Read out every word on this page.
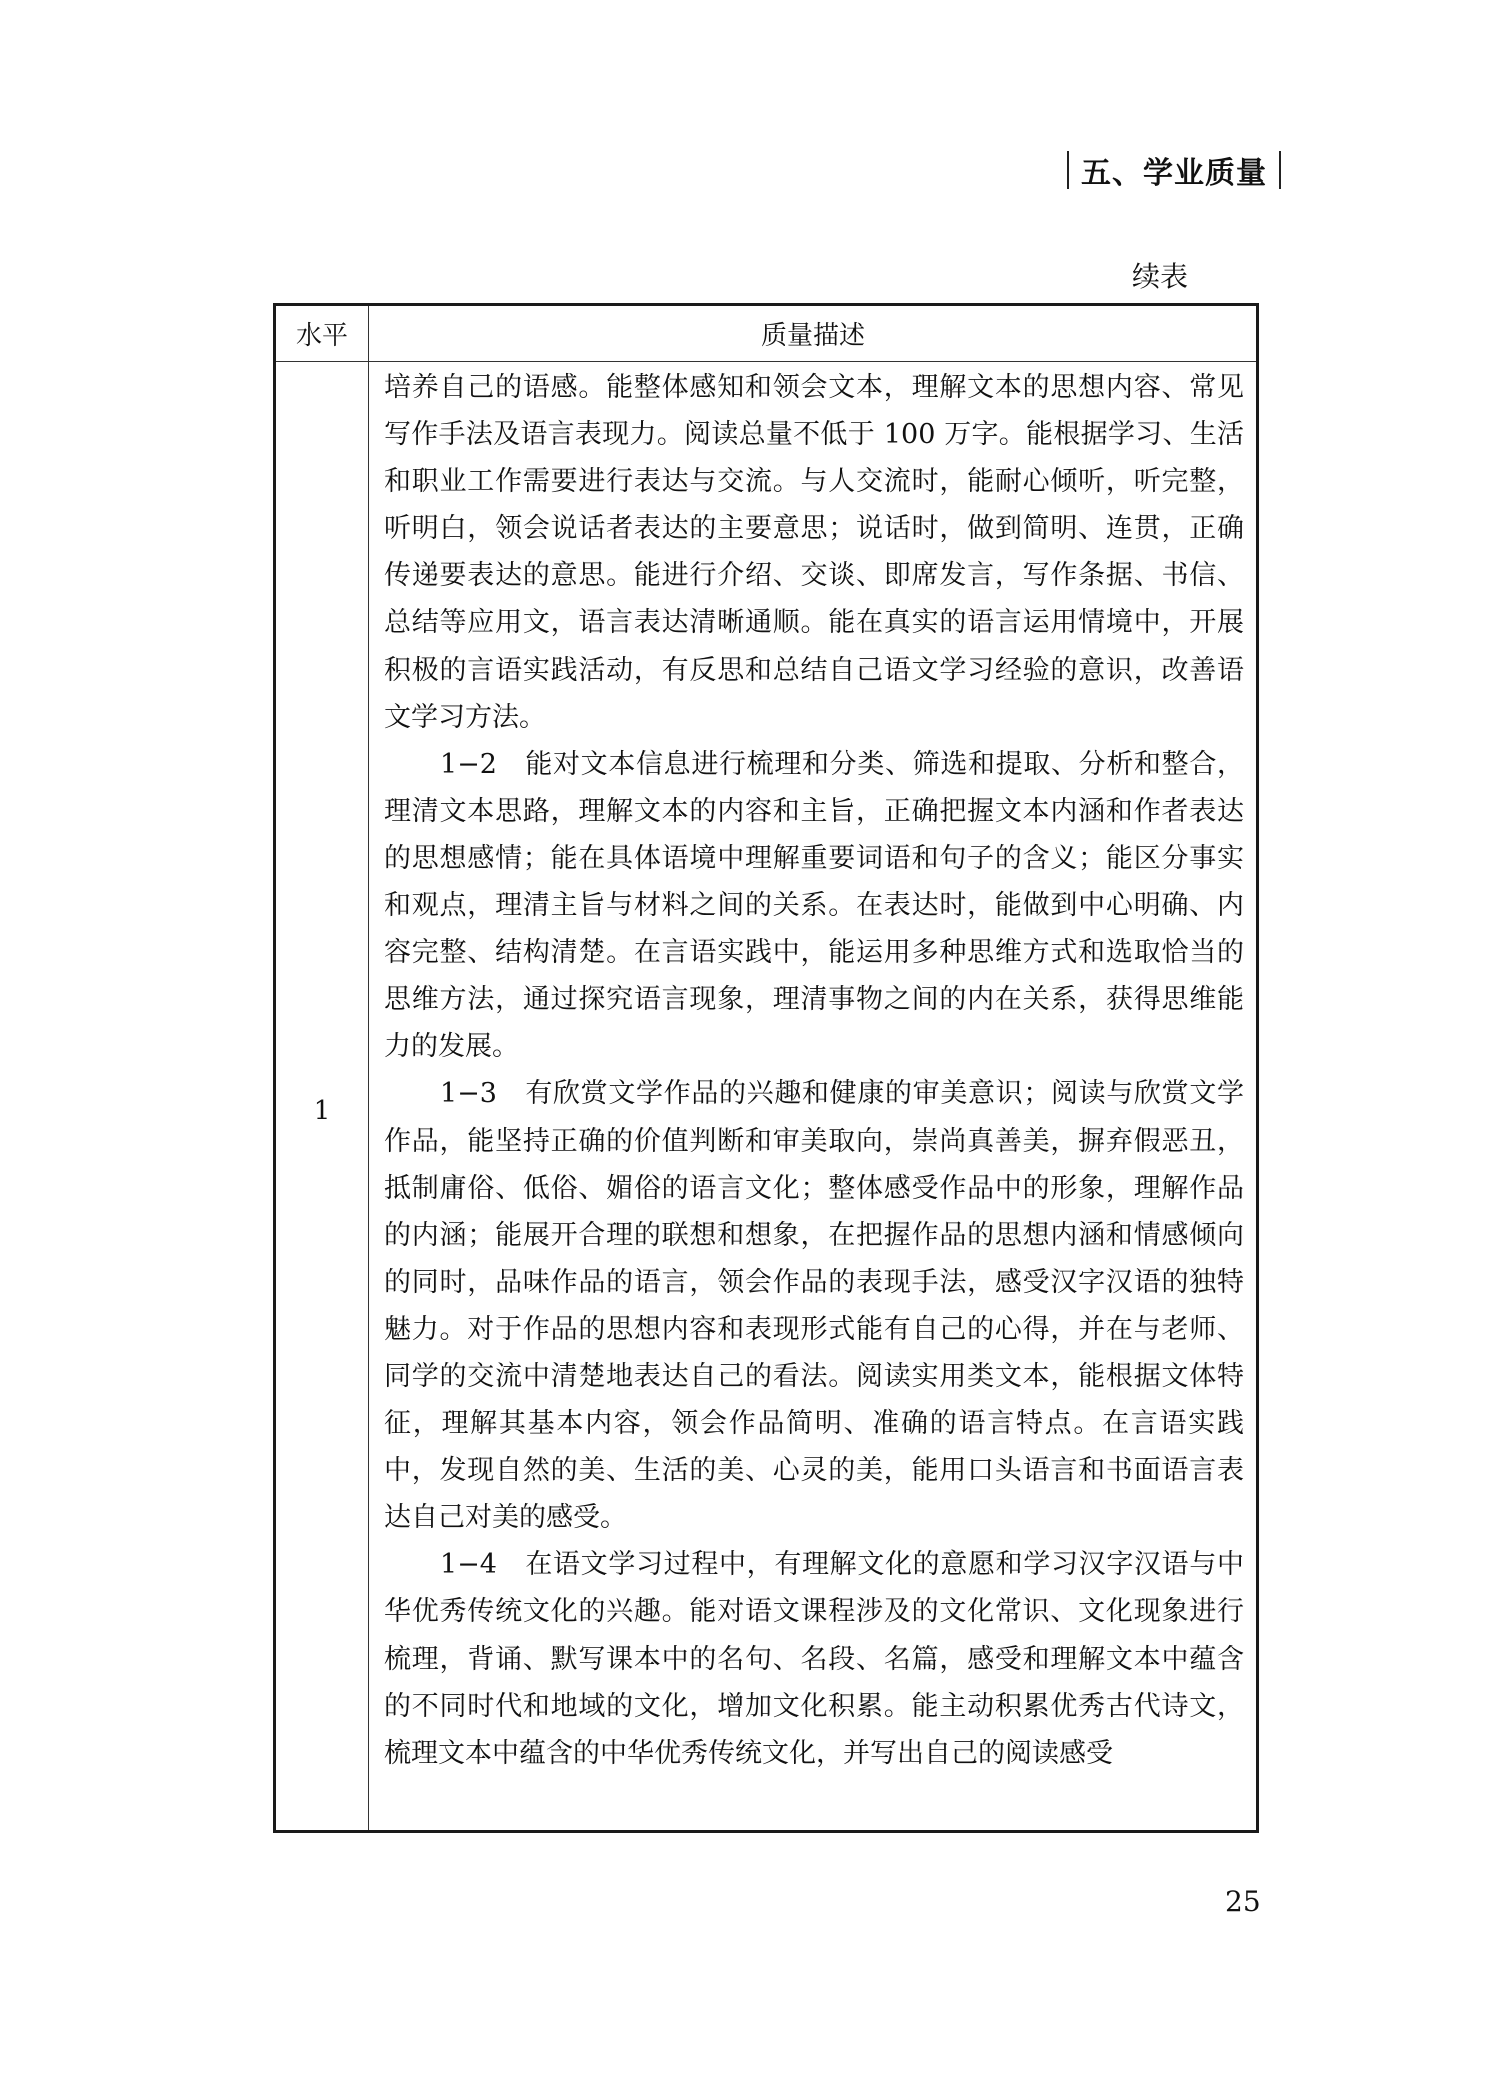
五、学业质量
续表
水平	质量描述
1

培养自己的语感。能整体感知和领会文本，理解文本的思想内容、常见写作手法及语言表现力。阅读总量不低于 100 万字。能根据学习、生活和职业工作需要进行表达与交流。与人交流时，能耐心倾听，听完整，听明白，领会说话者表达的主要意思；说话时，做到简明、连贯，正确传递要表达的意思。能进行介绍、交谈、即席发言，写作条据、书信、总结等应用文，语言表达清晰通顺。能在真实的语言运用情境中，开展积极的言语实践活动，有反思和总结自己语文学习经验的意识，改善语文学习方法。

1−2　能对文本信息进行梳理和分类、筛选和提取、分析和整合，理清文本思路，理解文本的内容和主旨，正确把握文本内涵和作者表达的思想感情；能在具体语境中理解重要词语和句子的含义；能区分事实和观点，理清主旨与材料之间的关系。在表达时，能做到中心明确、内容完整、结构清楚。在言语实践中，能运用多种思维方式和选取恰当的思维方法，通过探究语言现象，理清事物之间的内在关系，获得思维能力的发展。

1−3　有欣赏文学作品的兴趣和健康的审美意识；阅读与欣赏文学作品，能坚持正确的价值判断和审美取向，崇尚真善美，摒弃假恶丑，抵制庸俗、低俗、媚俗的语言文化；整体感受作品中的形象，理解作品的内涵；能展开合理的联想和想象，在把握作品的思想内涵和情感倾向的同时，品味作品的语言，领会作品的表现手法，感受汉字汉语的独特魅力。对于作品的思想内容和表现形式能有自己的心得，并在与老师、同学的交流中清楚地表达自己的看法。阅读实用类文本，能根据文体特征，理解其基本内容，领会作品简明、准确的语言特点。在言语实践中，发现自然的美、生活的美、心灵的美，能用口头语言和书面语言表达自己对美的感受。

1−4　在语文学习过程中，有理解文化的意愿和学习汉字汉语与中华优秀传统文化的兴趣。能对语文课程涉及的文化常识、文化现象进行梳理，背诵、默写课本中的名句、名段、名篇，感受和理解文本中蕴含的不同时代和地域的文化，增加文化积累。能主动积累优秀古代诗文，梳理文本中蕴含的中华优秀传统文化，并写出自己的阅读感受

25
